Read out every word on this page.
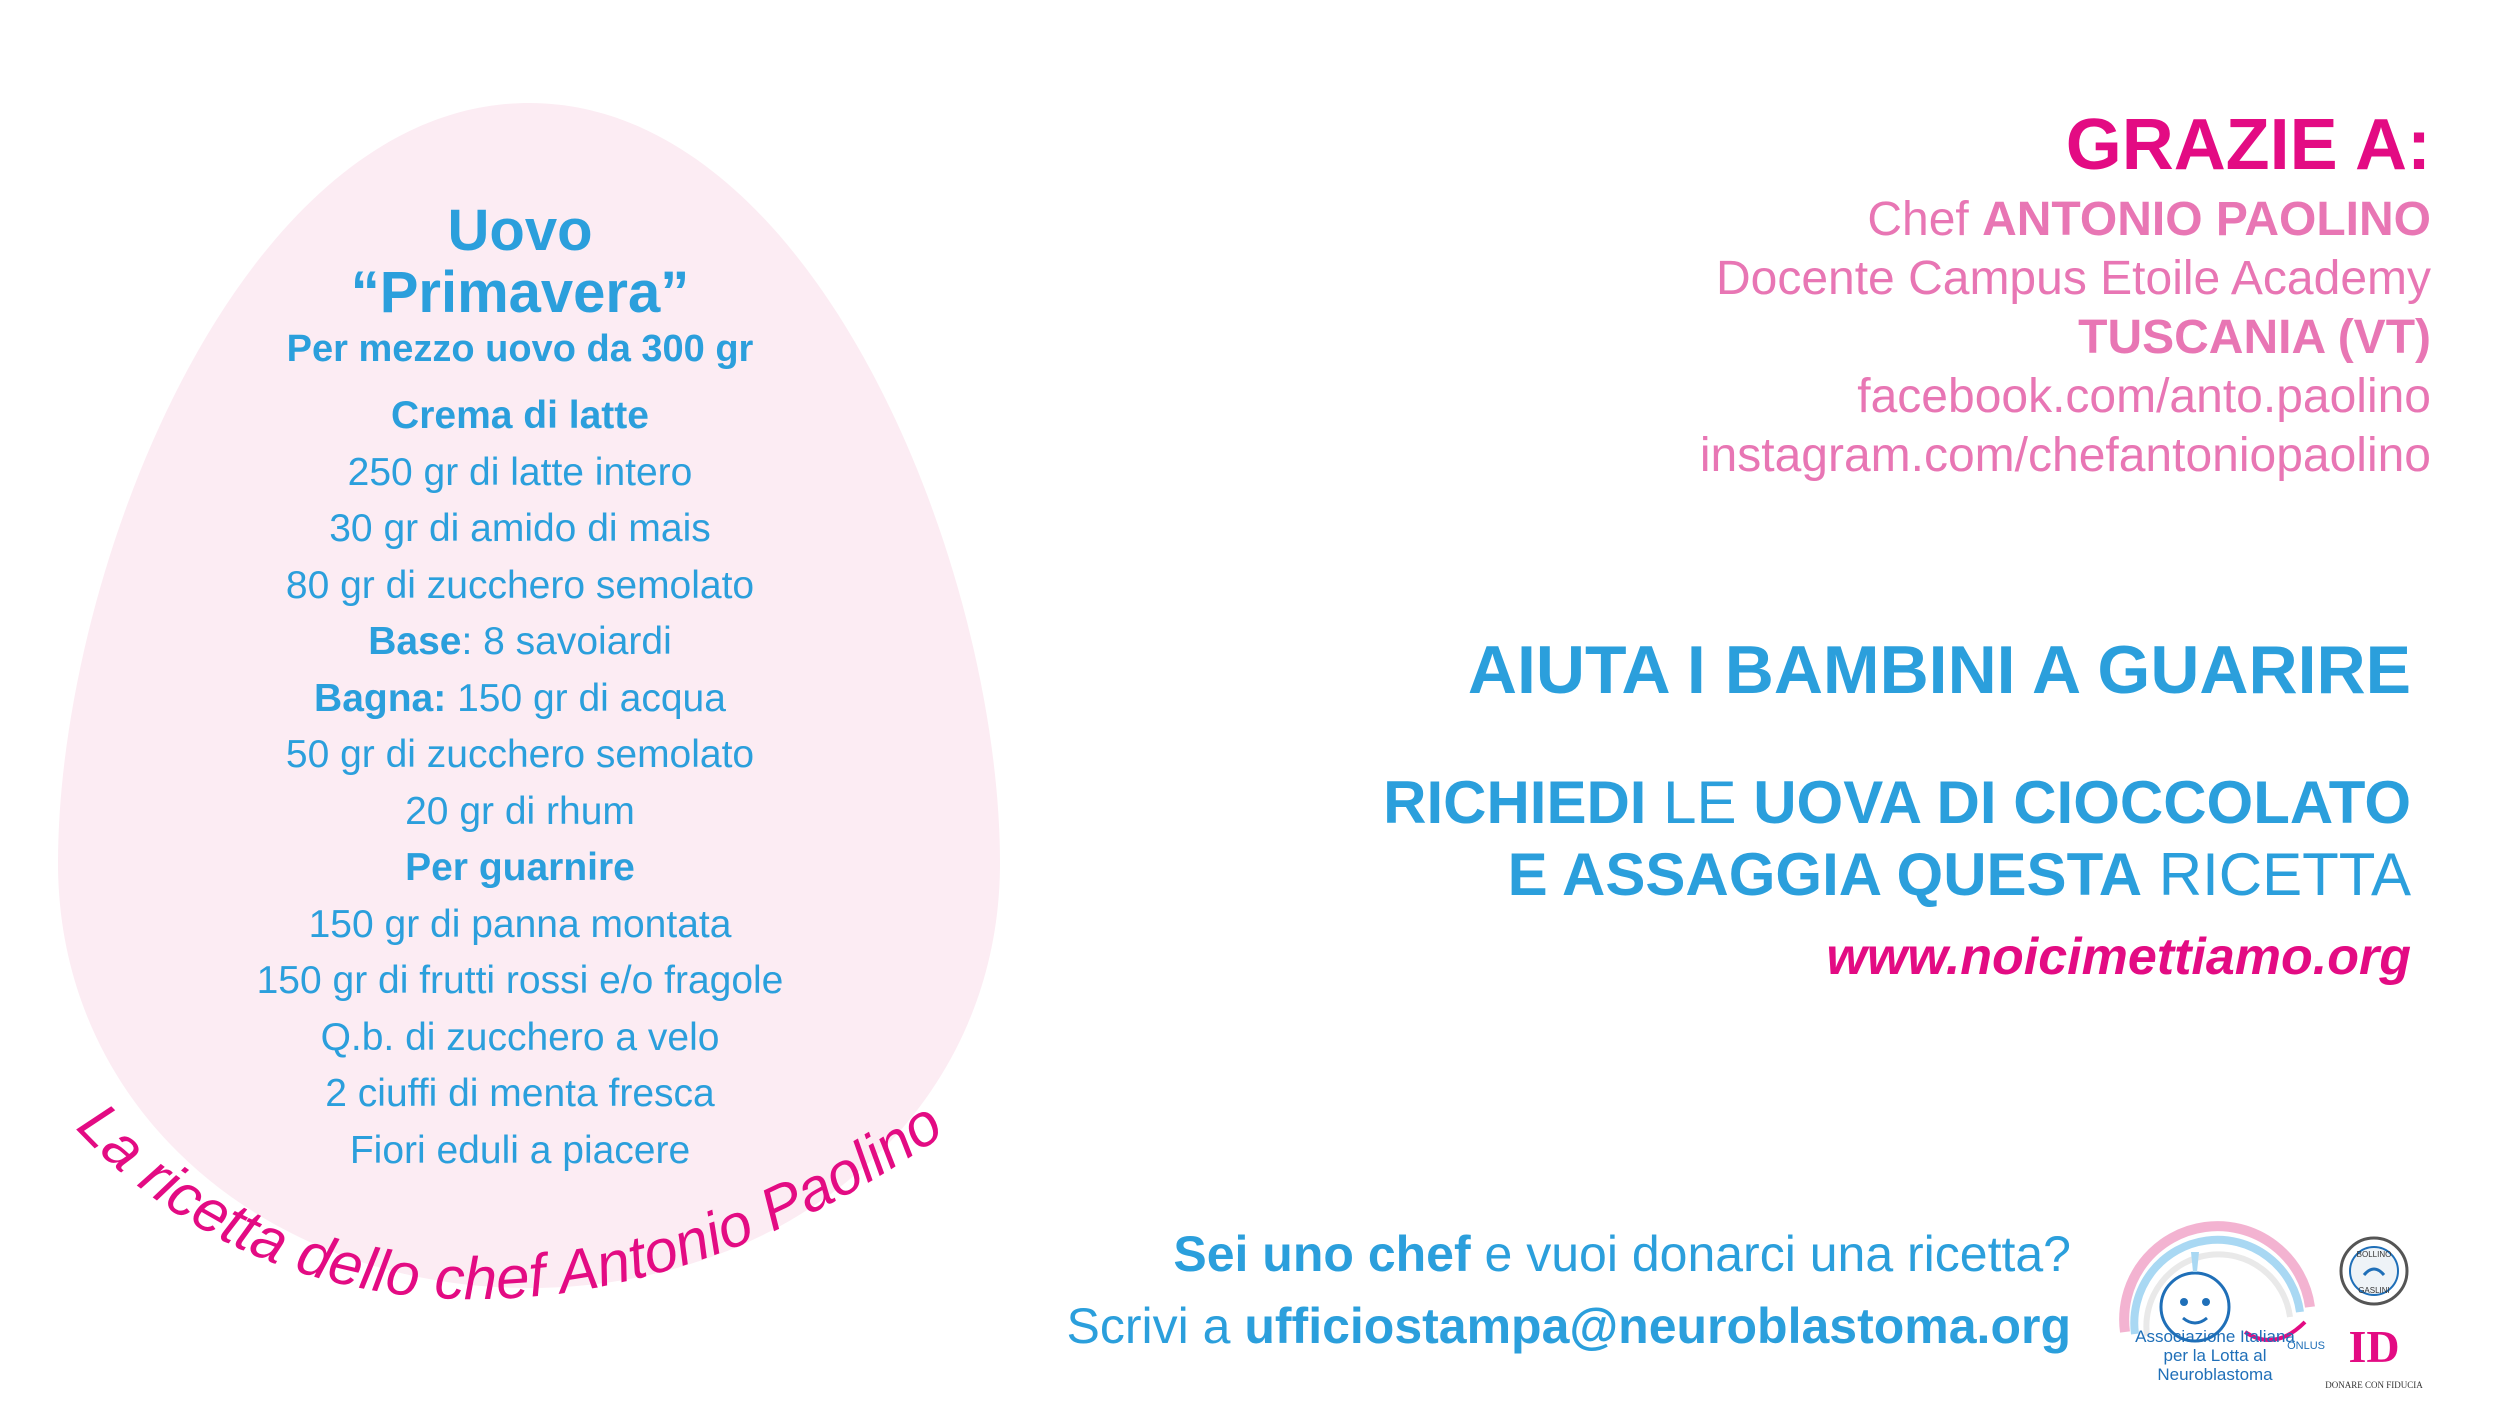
Uovo
“Primavera”
Per mezzo uovo da 300 gr
Crema di latte
250 gr di latte intero
30 gr di amido di mais
80 gr di zucchero semolato
Base: 8 savoiardi
Bagna: 150 gr di acqua
50 gr di zucchero semolato
20 gr di rhum
Per guarnire
150 gr di panna montata
150 gr di frutti rossi e/o fragole
Q.b. di zucchero a velo
2 ciuffi di menta fresca
Fiori eduli a piacere
La ricetta dello chef Antonio Paolino
GRAZIE A:
Chef ANTONIO PAOLINO
Docente Campus Etoile Academy
TUSCANIA (VT)
facebook.com/anto.paolino
instagram.com/chefantoniopaolino
AIUTA I BAMBINI A GUARIRE
RICHIEDI LE UOVA DI CIOCCOLATO
E ASSAGGIA QUESTA RICETTA
www.noicimettiamo.org
Sei uno chef e vuoi donarci una ricetta?
Scrivi a ufficiostampa@neuroblastoma.org	ONLUS
Associazione Italiana
per la Lotta al Neuroblastoma
BOLLINO
GASLINI
ID
DONARE CON FIDUCIA
